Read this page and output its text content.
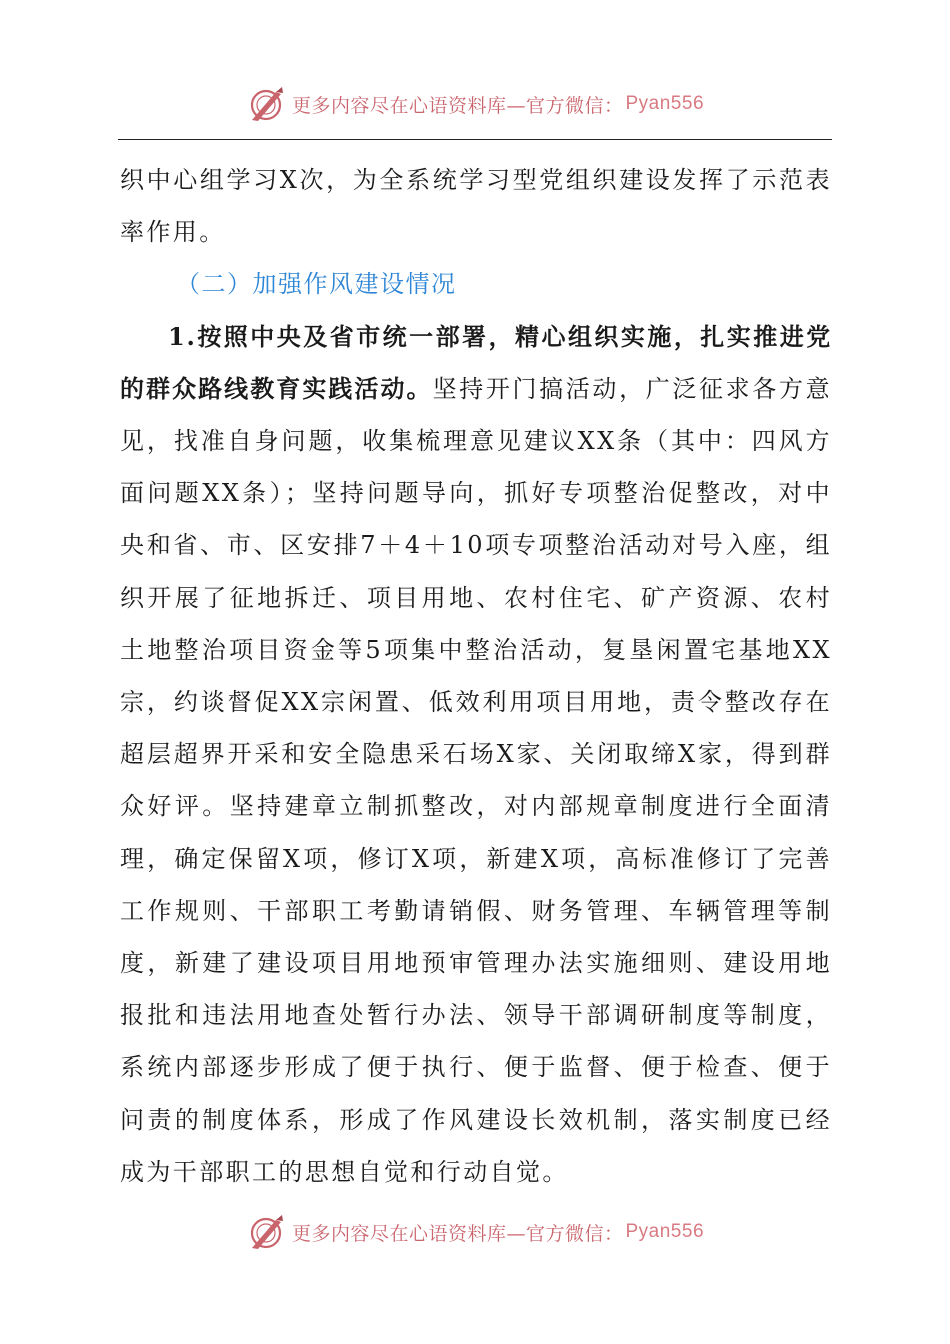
更多内容尽在心语资料库—官方微信： Pyan556

织中心组学习X次，为全系统学习型党组织建设发挥了示范表率作用。

（二）加强作风建设情况

1.按照中央及省市统一部署，精心组织实施，扎实推进党的群众路线教育实践活动。坚持开门搞活动，广泛征求各方意见，找准自身问题，收集梳理意见建议XX条（其中：四风方面问题XX条）；坚持问题导向，抓好专项整治促整改，对中央和省、市、区安排7＋4＋10项专项整治活动对号入座，组织开展了征地拆迁、项目用地、农村住宅、矿产资源、农村土地整治项目资金等5项集中整治活动，复垦闲置宅基地XX宗，约谈督促XX宗闲置、低效利用项目用地，责令整改存在超层超界开采和安全隐患采石场X家、关闭取缔X家，得到群众好评。坚持建章立制抓整改，对内部规章制度进行全面清理，确定保留X项，修订X项，新建X项，高标准修订了完善工作规则、干部职工考勤请销假、财务管理、车辆管理等制度，新建了建设项目用地预审管理办法实施细则、建设用地报批和违法用地查处暂行办法、领导干部调研制度等制度，系统内部逐步形成了便于执行、便于监督、便于检查、便于问责的制度体系，形成了作风建设长效机制，落实制度已经成为干部职工的思想自觉和行动自觉。

更多内容尽在心语资料库—官方微信： Pyan556
